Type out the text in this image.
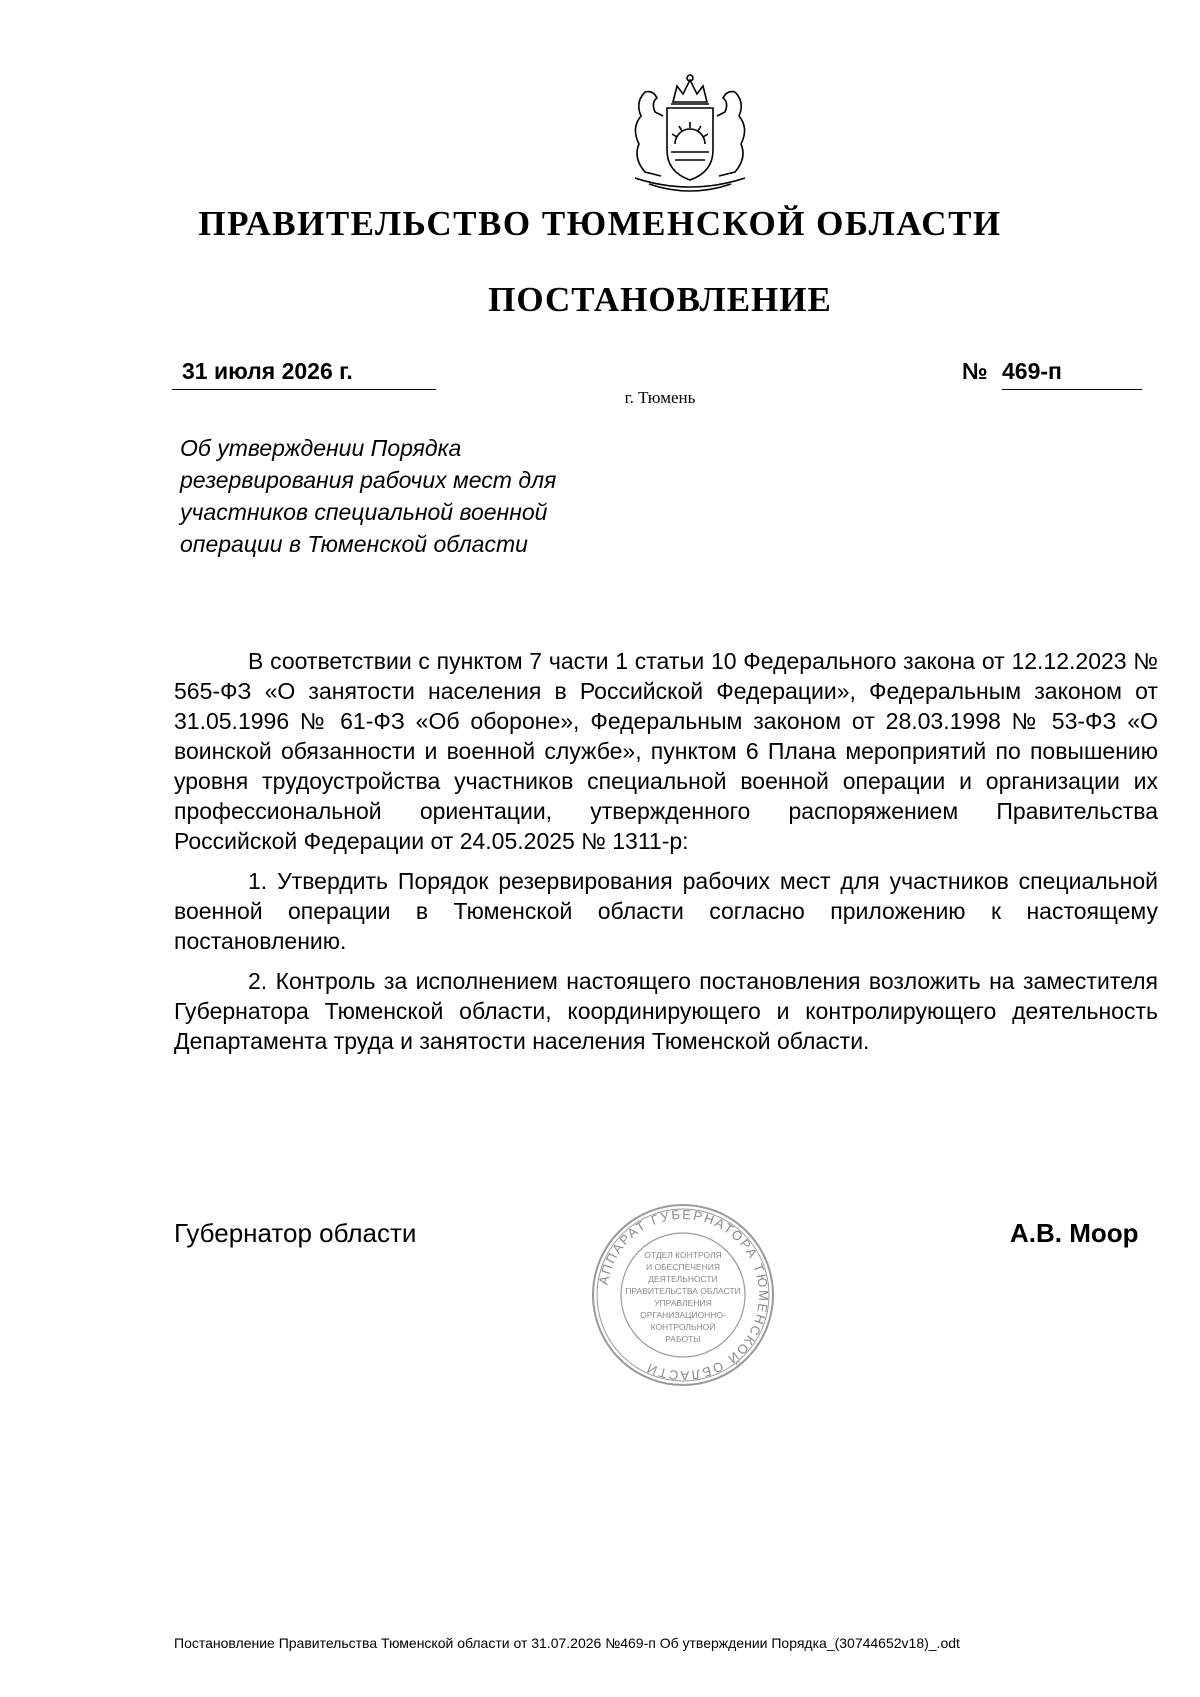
ПРАВИТЕЛЬСТВО ТЮМЕНСКОЙ ОБЛАСТИ
ПОСТАНОВЛЕНИЕ
31 июля 2026 г.	№ 469-п
г. Тюмень
Об утверждении Порядка
резервирования рабочих мест для
участников специальной военной
операции в Тюменской области

В соответствии с пунктом 7 части 1 статьи 10 Федерального закона от 12.12.2023 № 565-ФЗ «О занятости населения в Российской Федерации», Федеральным законом от 31.05.1996 № 61-ФЗ «Об обороне», Федеральным законом от 28.03.1998 № 53-ФЗ «О воинской обязанности и военной службе», пунктом 6 Плана мероприятий по повышению уровня трудоустройства участников специальной военной операции и организации их профессиональной ориентации, утвержденного распоряжением Правительства Российской Федерации от 24.05.2025 № 1311-р:

1. Утвердить Порядок резервирования рабочих мест для участников специальной военной операции в Тюменской области согласно приложению к настоящему постановлению.

2. Контроль за исполнением настоящего постановления возложить на заместителя Губернатора Тюменской области, координирующего и контролирующего деятельность Департамента труда и занятости населения Тюменской области.

АППАРАТ ГУБЕРНАТОРА ТЮМЕНСКОЙ ОБЛАСТИ
ОТДЕЛ КОНТРОЛЯ
И ОБЕСПЕЧЕНИЯ
ДЕЯТЕЛЬНОСТИ
ПРАВИТЕЛЬСТВА ОБЛАСТИ
УПРАВЛЕНИЯ
ОРГАНИЗАЦИОННО-
КОНТРОЛЬНОЙ
РАБОТЫ
Губернатор области	А.В. Моор
Постановление Правительства Тюменской области от 31.07.2026 №469-п Об утверждении Порядка_(30744652v18)_.odt
